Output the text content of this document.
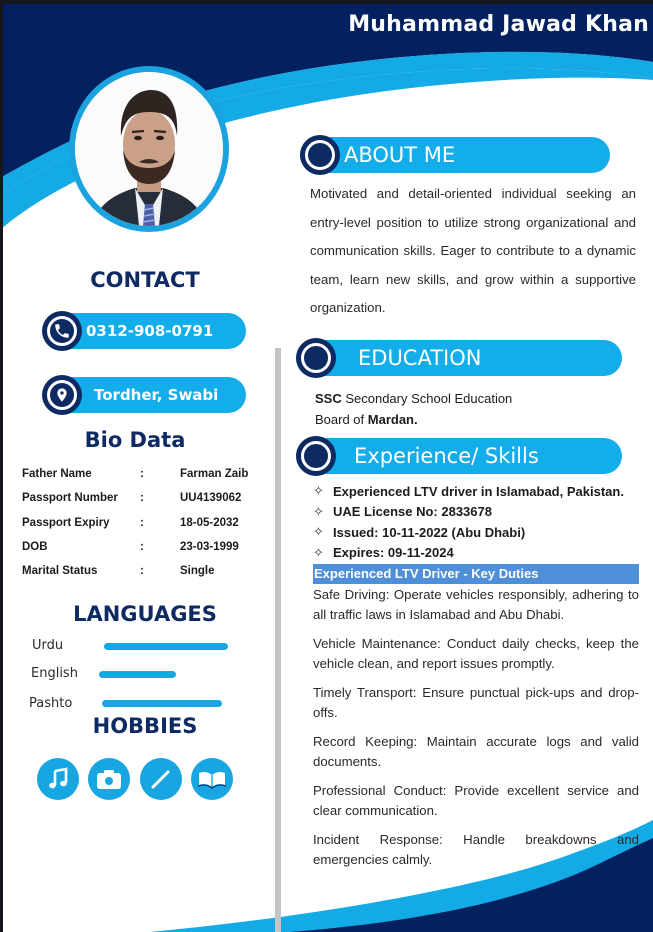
Muhammad Jawad Khan
CONTACT
0312-908-0791
Tordher, Swabi
Bio Data
Father Name	:	Farman Zaib
Passport Number	:	UU4139062
Passport Expiry	:	18-05-2032
DOB	:	23-03-1999
Marital Status	:	Single
LANGUAGES
Urdu
English
Pashto
HOBBIES
ABOUT ME
Motivated and detail-oriented individual seeking an entry-level position to utilize strong organizational and communication skills. Eager to contribute to a dynamic team, learn new skills, and grow within a supportive organization.
EDUCATION
SSC Secondary School Education
Board of Mardan.
Experience/ Skills
✧ Experienced LTV driver in Islamabad, Pakistan.
✧ UAE License No: 2833678
✧ Issued: 10-11-2022 (Abu Dhabi)
✧ Expires: 09-11-2024
Experienced LTV Driver - Key Duties
Safe Driving: Operate vehicles responsibly, adhering to all traffic laws in Islamabad and Abu Dhabi.
Vehicle Maintenance: Conduct daily checks, keep the vehicle clean, and report issues promptly.
Timely Transport: Ensure punctual pick-ups and drop-offs.
Record Keeping: Maintain accurate logs and valid documents.
Professional Conduct: Provide excellent service and clear communication.
Incident Response: Handle breakdowns and emergencies calmly.
